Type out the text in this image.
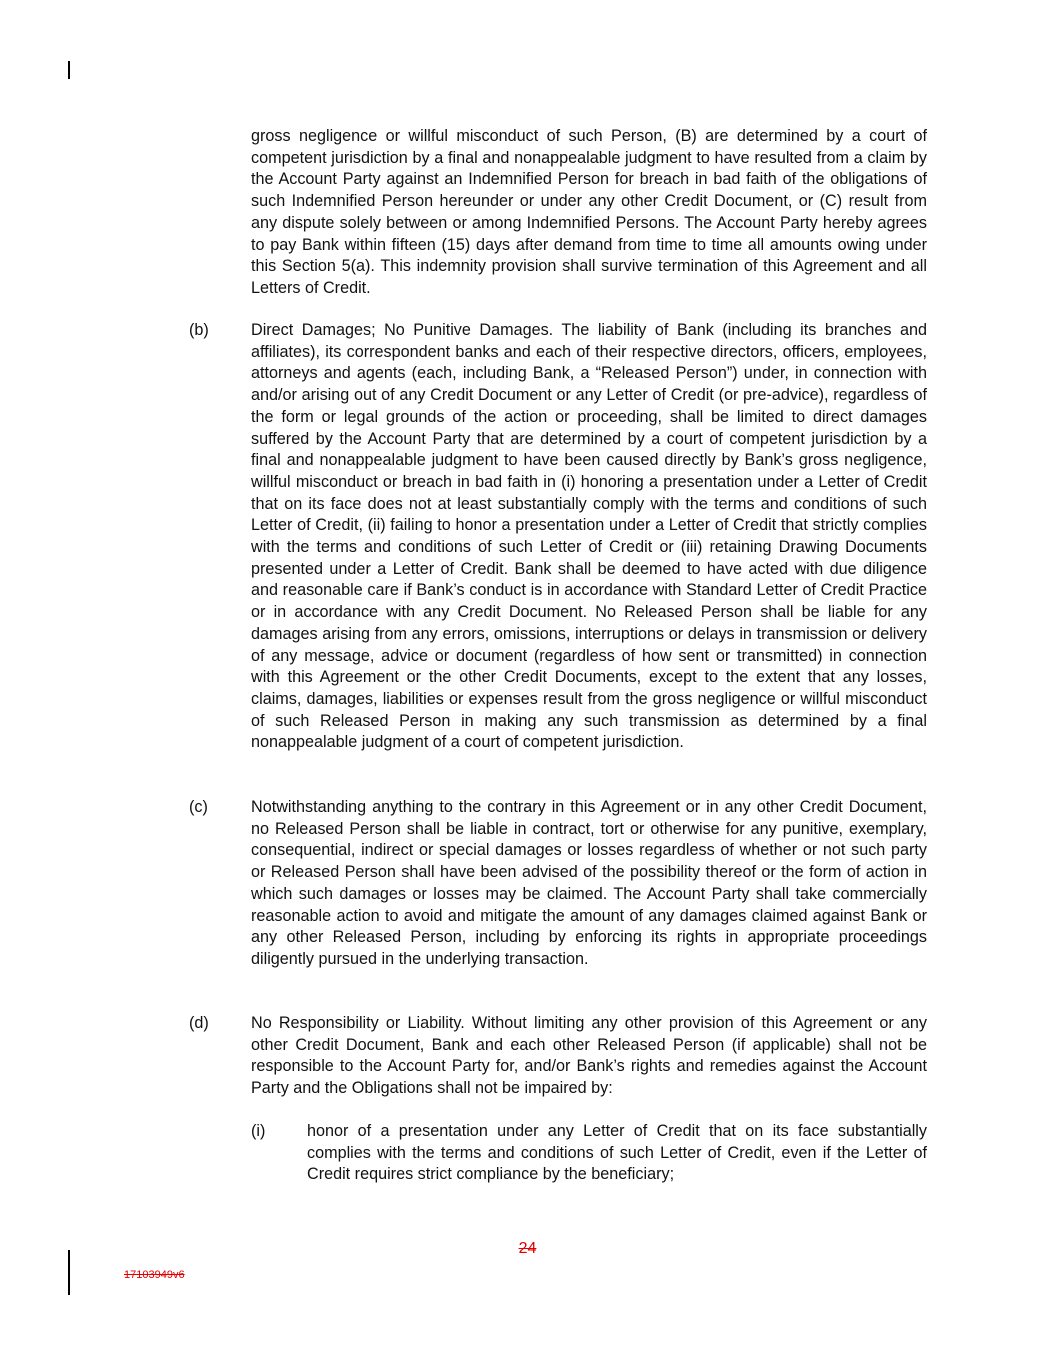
gross negligence or willful misconduct of such Person, (B) are determined by a court of competent jurisdiction by a final and nonappealable judgment to have resulted from a claim by the Account Party against an Indemnified Person for breach in bad faith of the obligations of such Indemnified Person hereunder or under any other Credit Document, or (C) result from any dispute solely between or among Indemnified Persons. The Account Party hereby agrees to pay Bank within fifteen (15) days after demand from time to time all amounts owing under this Section 5(a). This indemnity provision shall survive termination of this Agreement and all Letters of Credit.

(b)	Direct Damages; No Punitive Damages. The liability of Bank (including its branches and affiliates), its correspondent banks and each of their respective directors, officers, employees, attorneys and agents (each, including Bank, a “Released Person”) under, in connection with and/or arising out of any Credit Document or any Letter of Credit (or pre-advice), regardless of the form or legal grounds of the action or proceeding, shall be limited to direct damages suffered by the Account Party that are determined by a court of competent jurisdiction by a final and nonappealable judgment to have been caused directly by Bank’s gross negligence, willful misconduct or breach in bad faith in (i) honoring a presentation under a Letter of Credit that on its face does not at least substantially comply with the terms and conditions of such Letter of Credit, (ii) failing to honor a presentation under a Letter of Credit that strictly complies with the terms and conditions of such Letter of Credit or (iii) retaining Drawing Documents presented under a Letter of Credit. Bank shall be deemed to have acted with due diligence and reasonable care if Bank’s conduct is in accordance with Standard Letter of Credit Practice or in accordance with any Credit Document. No Released Person shall be liable for any damages arising from any errors, omissions, interruptions or delays in transmission or delivery of any message, advice or document (regardless of how sent or transmitted) in connection with this Agreement or the other Credit Documents, except to the extent that any losses, claims, damages, liabilities or expenses result from the gross negligence or willful misconduct of such Released Person in making any such transmission as determined by a final nonappealable judgment of a court of competent jurisdiction.

(c)	Notwithstanding anything to the contrary in this Agreement or in any other Credit Document, no Released Person shall be liable in contract, tort or otherwise for any punitive, exemplary, consequential, indirect or special damages or losses regardless of whether or not such party or Released Person shall have been advised of the possibility thereof or the form of action in which such damages or losses may be claimed. The Account Party shall take commercially reasonable action to avoid and mitigate the amount of any damages claimed against Bank or any other Released Person, including by enforcing its rights in appropriate proceedings diligently pursued in the underlying transaction.

(d)	No Responsibility or Liability. Without limiting any other provision of this Agreement or any other Credit Document, Bank and each other Released Person (if applicable) shall not be responsible to the Account Party for, and/or Bank’s rights and remedies against the Account Party and the Obligations shall not be impaired by:

(i)	honor of a presentation under any Letter of Credit that on its face substantially complies with the terms and conditions of such Letter of Credit, even if the Letter of Credit requires strict compliance by the beneficiary;

24
17103949v6
